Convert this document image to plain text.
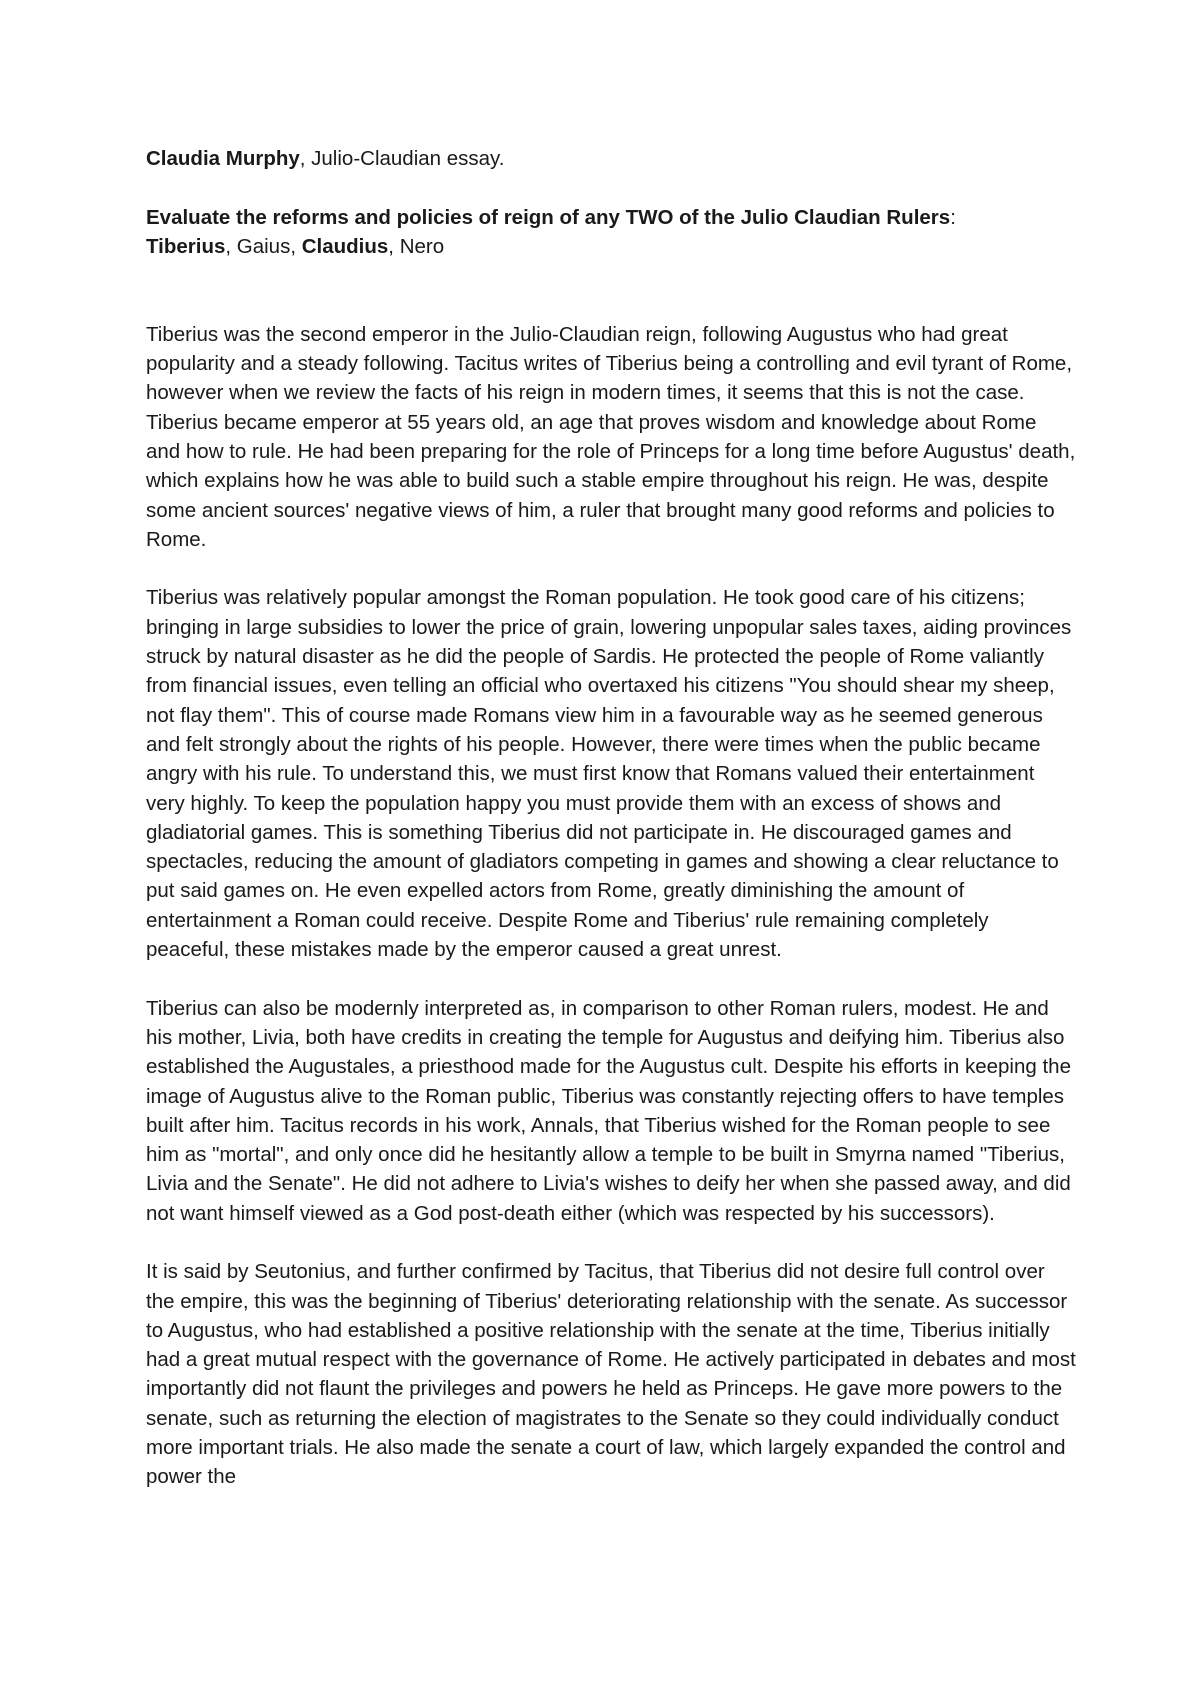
Claudia Murphy, Julio-Claudian essay.

Evaluate the reforms and policies of reign of any TWO of the Julio Claudian Rulers:
Tiberius, Gaius, Claudius, Nero

Tiberius was the second emperor in the Julio-Claudian reign, following Augustus who had great popularity and a steady following. Tacitus writes of Tiberius being a controlling and evil tyrant of Rome, however when we review the facts of his reign in modern times, it seems that this is not the case. Tiberius became emperor at 55 years old, an age that proves wisdom and knowledge about Rome and how to rule. He had been preparing for the role of Princeps for a long time before Augustus' death, which explains how he was able to build such a stable empire throughout his reign. He was, despite some ancient sources' negative views of him, a ruler that brought many good reforms and policies to Rome.

Tiberius was relatively popular amongst the Roman population. He took good care of his citizens; bringing in large subsidies to lower the price of grain, lowering unpopular sales taxes, aiding provinces struck by natural disaster as he did the people of Sardis. He protected the people of Rome valiantly from financial issues, even telling an official who overtaxed his citizens "You should shear my sheep, not flay them". This of course made Romans view him in a favourable way as he seemed generous and felt strongly about the rights of his people. However, there were times when the public became angry with his rule. To understand this, we must first know that Romans valued their entertainment very highly. To keep the population happy you must provide them with an excess of shows and gladiatorial games. This is something Tiberius did not participate in. He discouraged games and spectacles, reducing the amount of gladiators competing in games and showing a clear reluctance to put said games on. He even expelled actors from Rome, greatly diminishing the amount of entertainment a Roman could receive. Despite Rome and Tiberius' rule remaining completely peaceful, these mistakes made by the emperor caused a great unrest.

Tiberius can also be modernly interpreted as, in comparison to other Roman rulers, modest. He and his mother, Livia, both have credits in creating the temple for Augustus and deifying him. Tiberius also established the Augustales, a priesthood made for the Augustus cult. Despite his efforts in keeping the image of Augustus alive to the Roman public, Tiberius was constantly rejecting offers to have temples built after him. Tacitus records in his work, Annals, that Tiberius wished for the Roman people to see him as "mortal", and only once did he hesitantly allow a temple to be built in Smyrna named "Tiberius, Livia and the Senate". He did not adhere to Livia's wishes to deify her when she passed away, and did not want himself viewed as a God post-death either (which was respected by his successors).

It is said by Seutonius, and further confirmed by Tacitus, that Tiberius did not desire full control over the empire, this was the beginning of Tiberius' deteriorating relationship with the senate. As successor to Augustus, who had established a positive relationship with the senate at the time, Tiberius initially had a great mutual respect with the governance of Rome. He actively participated in debates and most importantly did not flaunt the privileges and powers he held as Princeps. He gave more powers to the senate, such as returning the election of magistrates to the Senate so they could individually conduct more important trials. He also made the senate a court of law, which largely expanded the control and power the
